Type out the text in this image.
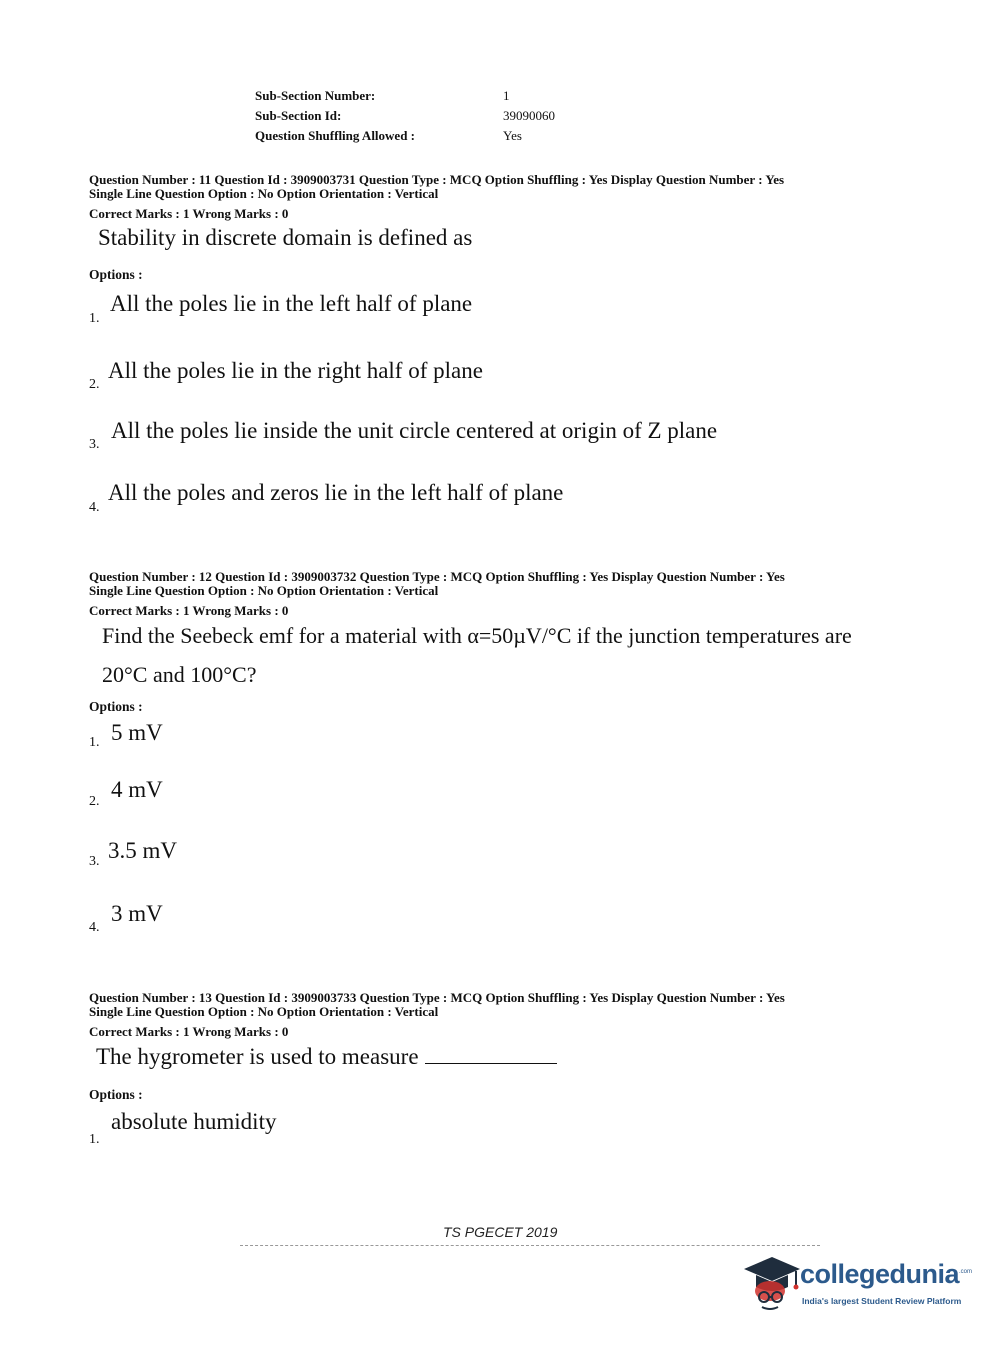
Sub-Section Number:	1
Sub-Section Id:	39090060
Question Shuffling Allowed :	Yes
Question Number : 11 Question Id : 3909003731 Question Type : MCQ Option Shuffling : Yes Display Question Number : Yes
Single Line Question Option : No Option Orientation : Vertical
Correct Marks : 1 Wrong Marks : 0
Stability in discrete domain is defined as
Options :
1.
All the poles lie in the left half of plane
2.
All the poles lie in the right half of plane
3.
All the poles lie inside the unit circle centered at origin of Z plane
4.
All the poles and zeros lie in the left half of plane
Question Number : 12 Question Id : 3909003732 Question Type : MCQ Option Shuffling : Yes Display Question Number : Yes
Single Line Question Option : No Option Orientation : Vertical
Correct Marks : 1 Wrong Marks : 0
Find the Seebeck emf for a material with α=50µV/°C if the junction temperatures are
20°C and 100°C?
Options :
1. 5 mV
2. 4 mV
3. 3.5 mV
4.
3 mV
Question Number : 13 Question Id : 3909003733 Question Type : MCQ Option Shuffling : Yes Display Question Number : Yes
Single Line Question Option : No Option Orientation : Vertical
Correct Marks : 1 Wrong Marks : 0
The hygrometer is used to measure
Options :
1.
absolute humidity
TS PGECET 2019
collegedunia .com
India's largest Student Review Platform
